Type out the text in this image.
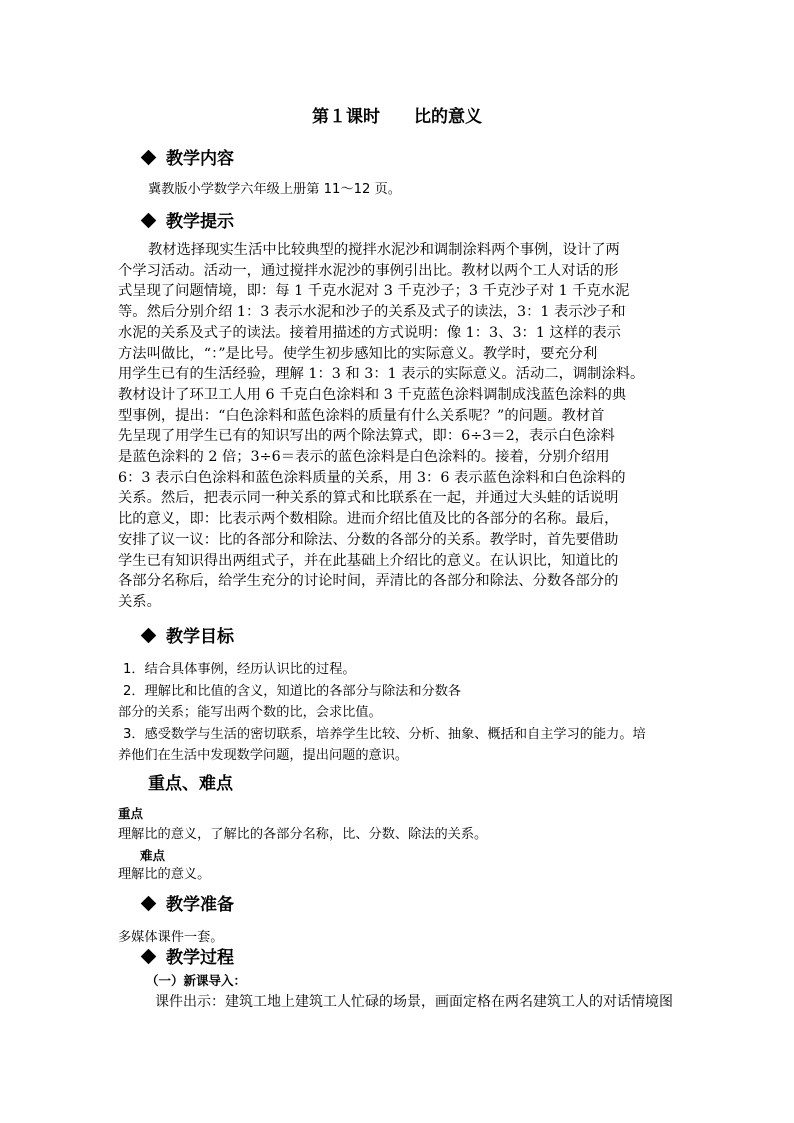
第１课时　　比的意义
教学内容
冀教版小学数学六年级上册第 11～12 页。
教学提示

教材选择现实生活中比较典型的搅拌水泥沙和调制涂料两个事例，设计了两

个学习活动。活动一，通过搅拌水泥沙的事例引出比。教材以两个工人对话的形

式呈现了问题情境，即：每 1 千克水泥对 3 千克沙子；3 千克沙子对 1 千克水泥

等。然后分别介绍 1：3 表示水泥和沙子的关系及式子的读法，3：1 表示沙子和

水泥的关系及式子的读法。接着用描述的方式说明：像 1：3、3：1 这样的表示

方法叫做比，“：”是比号。使学生初步感知比的实际意义。教学时，要充分利

用学生已有的生活经验，理解 1：3 和 3：1 表示的实际意义。活动二，调制涂料。

教材设计了环卫工人用 6 千克白色涂料和 3 千克蓝色涂料调制成浅蓝色涂料的典

型事例，提出：“白色涂料和蓝色涂料的质量有什么关系呢？”的问题。教材首

先呈现了用学生已有的知识写出的两个除法算式，即：6÷3＝2，表示白色涂料

是蓝色涂料的 2 倍；3÷6＝表示的蓝色涂料是白色涂料的。接着，分别介绍用

6：3 表示白色涂料和蓝色涂料质量的关系，用 3：6 表示蓝色涂料和白色涂料的

关系。然后，把表示同一种关系的算式和比联系在一起，并通过大头蛙的话说明

比的意义，即：比表示两个数相除。进而介绍比值及比的各部分的名称。最后，

安排了议一议：比的各部分和除法、分数的各部分的关系。教学时，首先要借助

学生已有知识得出两组式子，并在此基础上介绍比的意义。在认识比，知道比的

各部分名称后，给学生充分的讨论时间，弄清比的各部分和除法、分数各部分的

关系。

教学目标
1．结合具体事例，经历认识比的过程。
2．理解比和比值的含义，知道比的各部分与除法和分数各
部分的关系；能写出两个数的比，会求比值。
3．感受数学与生活的密切联系，培养学生比较、分析、抽象、概括和自主学习的能力。培
养他们在生活中发现数学问题，提出问题的意识。
重点、难点
重点
理解比的意义，了解比的各部分名称，比、分数、除法的关系。
难点
理解比的意义。
教学准备
多媒体课件一套。
教学过程
（一）新课导入：
课件出示：建筑工地上建筑工人忙碌的场景，画面定格在两名建筑工人的对话情境图
